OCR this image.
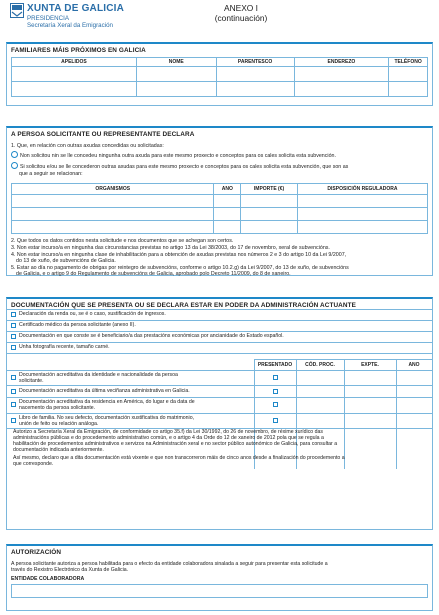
XUNTA DE GALICIA
PRESIDENCIA
Secretaría Xeral da Emigración
ANEXO I
(continuación)
FAMILIARES MÁIS PRÓXIMOS EN GALICIA
APELIDOS	NOME	PARENTESCO	ENDEREZO	TELÉFONO

A PERSOA SOLICITANTE OU REPRESENTANTE DECLARA
1. Que, en relación con outras axudas concedidas ou solicitadas:
Non solicitou nin se lle concedeu ningunha outra axuda para este mesmo proxecto e conceptos para os cales solicita esta subvención.
Si solicitou e/ou se lle concederon outras axudas para este mesmo proxecto e conceptos para os cales solicita esta subvención, que son as
que a seguir se relacionan:
ORGANISMOS	ANO	IMPORTE (€)	DISPOSICIÓN REGULADORA

2. Que todos os datos contidos nesta solicitude e nos documentos que se achegan son certos.
3. Non estar incurso/a en ningunha das circunstancias previstas no artigo 13 da Lei 38/2003, do 17 de novembro, xeral de subvencións.
4. Non estar incurso/a en ningunha clase de inhabilitación para a obtención de axudas previstas nos números 2 e 3 do artigo 10 da Lei 9/2007,
do 13 de xuño, de subvencións de Galicia.
5. Estar ao día no pagamento de obrigas por reintegro de subvencións, conforme o artigo 10.2.g) da Lei 9/2007, do 13 de xuño, de subvencións
de Galicia, e o artigo 9 do Regulamento de subvencións de Galicia, aprobado polo Decreto 11/2009, do 8 de xaneiro.
DOCUMENTACIÓN QUE SE PRESENTA OU SE DECLARA ESTAR EN PODER DA ADMINISTRACIÓN ACTUANTE
Declaración da renda ou, se é o caso, xustificación de ingresos.
Certificado médico da persoa solicitante (anexo II).
Documentación en que conste se é beneficiario/a das prestacións económicas por ancianidade do Estado español.
Unha fotografía recente, tamaño carné.
PRESENTADO	CÓD. PROC.	EXPTE.	ANO
Documentación acreditativa da identidade e nacionalidade da persoa
solicitante.
Documentación acreditativa da última veciñanza administrativa en Galicia.
Documentación acreditativa da residencia en América, do lugar e da data de
nacemento da persoa solicitante.
Libro de familia. No seu defecto, documentación xustificativa do matrimonio,
unión de feito ou relación análoga.
Autorizo a Secretaría Xeral da Emigración, de conformidade co artigo 35.f) da Lei 30/1992, do 26 de novembro, de réxime xurídico das
administracións públicas e do procedemento administrativo común, e o artigo 4 da Orde do 12 de xaneiro de 2012 pola que se regula a
habilitación de procedementos administrativos e servizos na Administración xeral e no sector público autonómico de Galicia, para consultar a
documentación indicada anteriormente.
Así mesmo, declaro que a dita documentación está vixente e que non transcorreron máis de cinco anos desde a finalización do procedemento a
que corresponde.
AUTORIZACIÓN
A persoa solicitante autoriza a persoa habilitada para o efecto da entidade colaboradora sinalada a seguir para presentar esta solicitude a
través do Rexistro Electrónico da Xunta de Galicia.
ENTIDADE COLABORADORA
